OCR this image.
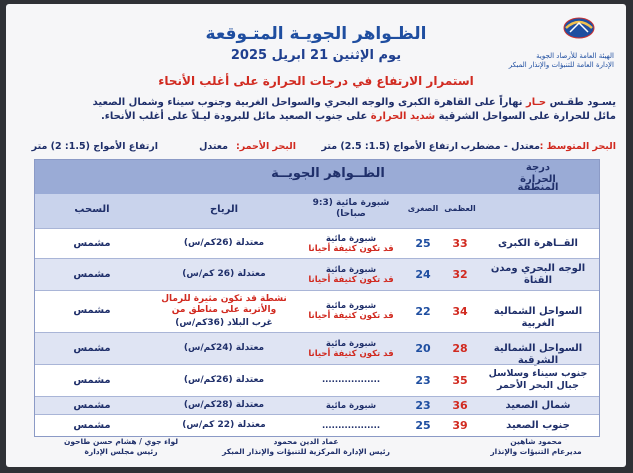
الهيئة العامة للأرصاد الجوية
الإدارة العامة للتنبؤات والإنذار المبكر
الظـواهر الجويـة المتـوقعة
يوم الإثنين 21 ابريل 2025
استمرار الارتفاع في درجات الحرارة على أغلب الأنحاء
يسـود طقـس حـار نهاراً على القاهرة الكبرى والوجه البحري والسواحل الغربية وجنوب سيناء وشمال الصعيد
مائل للحرارة على السواحل الشرقية شديد الحرارة على جنوب الصعيد مائل للبرودة ليـلاً على أغلب الأنحاء.
البحر المتوسط :
معتدل - مضطرب
ارتفاع الأمواج (1.5: 2.5) متر
البحر الأحمر:
معتدل
ارتفاع الأمواج (1.5: 2) متر
الظــواهر الجويــة	درجة الحرارة
المنطقة
العظمى
الصغرى
شبورة مائية (9:3 صباحا)
الرياح
السحب
القــاهرة الكبرى
33
25
شبورة مائية
قد تكون كثيفة أحيانا
معتدلة (26كم/س)
مشمس
الوجه البحري ومدن القناة
32
24
شبورة مائية
قد تكون كثيفة أحيانا
معتدلة (26 كم/س)
مشمس
السواحل الشمالية الغربية
34
22
شبورة مائية
قد تكون كثيفة أحيانا
نشطة قد تكون مثيرة للرمال والأتربة على مناطق من
غرب البلاد (36كم/س)
مشمس
السواحل الشمالية الشرقية
28
20
شبورة مائية
قد تكون كثيفة أحيانا
معتدلة (24كم/س)
مشمس
جنوب سيناء وسلاسل جبال البحر الأحمر
35
23
..................
معتدلة (26كم/س)
مشمس
شمال الصعيد
36
23
شبورة مائية
معتدلة (28كم/س)
مشمس
جنوب الصعيد
39
25
..................
معتدلة (22 كم/س)
مشمس
محمود شاهين
مديرعام التنبؤات والإنذار
عماد الدين محمود
رئيس الإدارة المركزية للتنبؤات والإنذار المبكر
لواء جوي / هشام حسن طاحون
رئيس مجلس الإدارة
